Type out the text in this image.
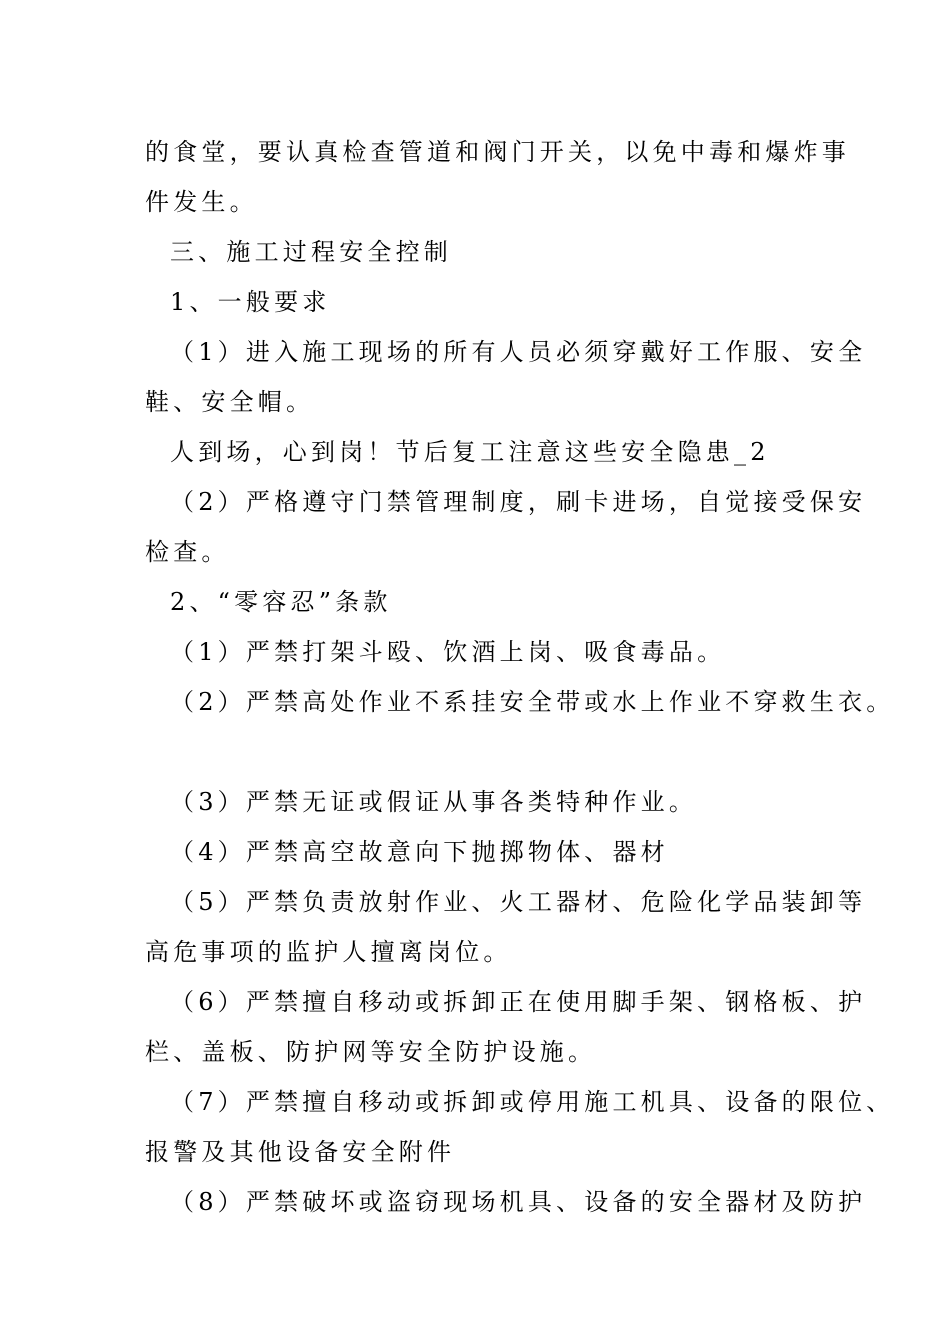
的食堂，要认真检查管道和阀门开关，以免中毒和爆炸事
件发生。
三、施工过程安全控制
1、一般要求
（1）进入施工现场的所有人员必须穿戴好工作服、安全
鞋、安全帽。
人到场，心到岗！节后复工注意这些安全隐患_2
（2）严格遵守门禁管理制度，刷卡进场，自觉接受保安
检查。
2、“零容忍”条款
（1）严禁打架斗殴、饮酒上岗、吸食毒品。
（2）严禁高处作业不系挂安全带或水上作业不穿救生衣。
（3）严禁无证或假证从事各类特种作业。
（4）严禁高空故意向下抛掷物体、器材
（5）严禁负责放射作业、火工器材、危险化学品装卸等
高危事项的监护人擅离岗位。
（6）严禁擅自移动或拆卸正在使用脚手架、钢格板、护
栏、盖板、防护网等安全防护设施。
（7）严禁擅自移动或拆卸或停用施工机具、设备的限位、
报警及其他设备安全附件
（8）严禁破坏或盗窃现场机具、设备的安全器材及防护
